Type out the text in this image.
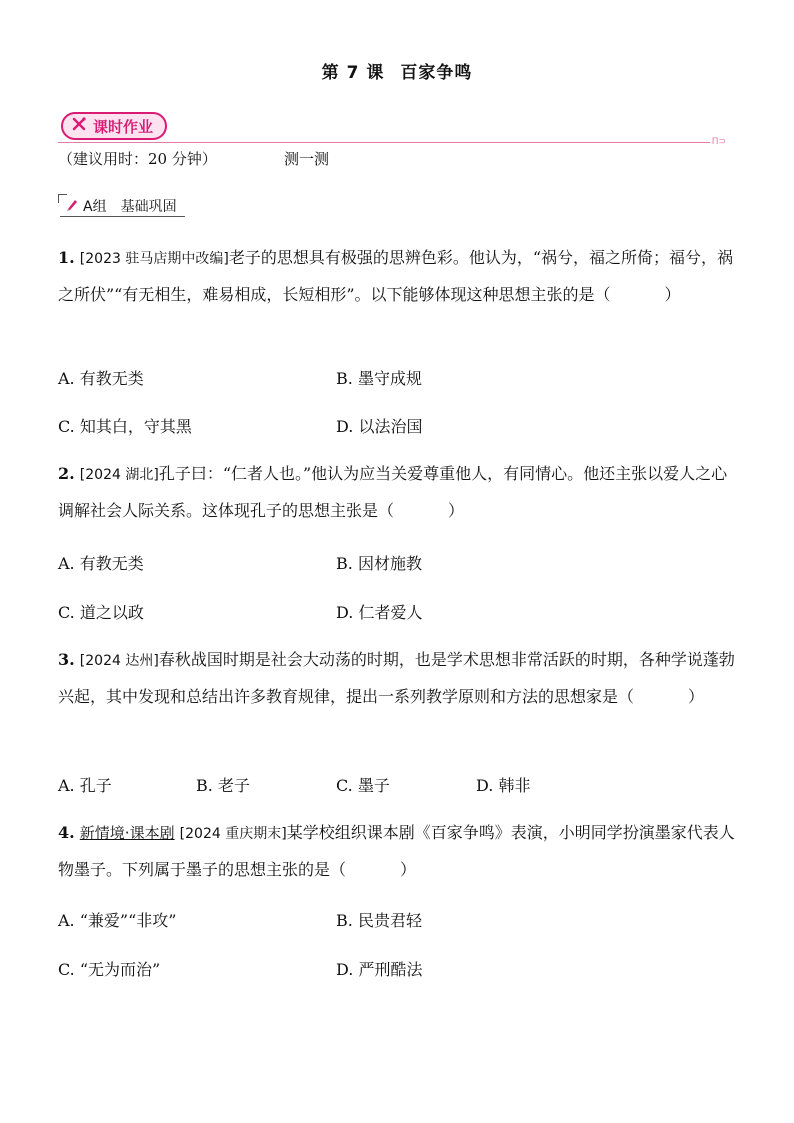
第 7 课 百家争鸣
课时作业
Π⊃
（建议用时：20 分钟）	测一测
A组　基础巩固
1. [2023 驻马店期中改编]老子的思想具有极强的思辨色彩。他认为，“祸兮，福之所倚；福兮，祸之所伏”“有无相生，难易相成，长短相形”。以下能够体现这种思想主张的是（	）
A. 有教无类	B. 墨守成规
C. 知其白，守其黑	D. 以法治国
2. [2024 湖北]孔子曰：“仁者人也。”他认为应当关爱尊重他人，有同情心。他还主张以爱人之心调解社会人际关系。这体现孔子的思想主张是（	）
A. 有教无类	B. 因材施教
C. 道之以政	D. 仁者爱人
3. [2024 达州]春秋战国时期是社会大动荡的时期，也是学术思想非常活跃的时期，各种学说蓬勃兴起，其中发现和总结出许多教育规律，提出一系列教学原则和方法的思想家是（	）
A. 孔子	B. 老子	C. 墨子	D. 韩非
4. 新情境·课本剧 [2024 重庆期末]某学校组织课本剧《百家争鸣》表演，小明同学扮演墨家代表人物墨子。下列属于墨子的思想主张的是（	）
A. “兼爱”“非攻”	B. 民贵君轻
C. “无为而治”	D. 严刑酷法
